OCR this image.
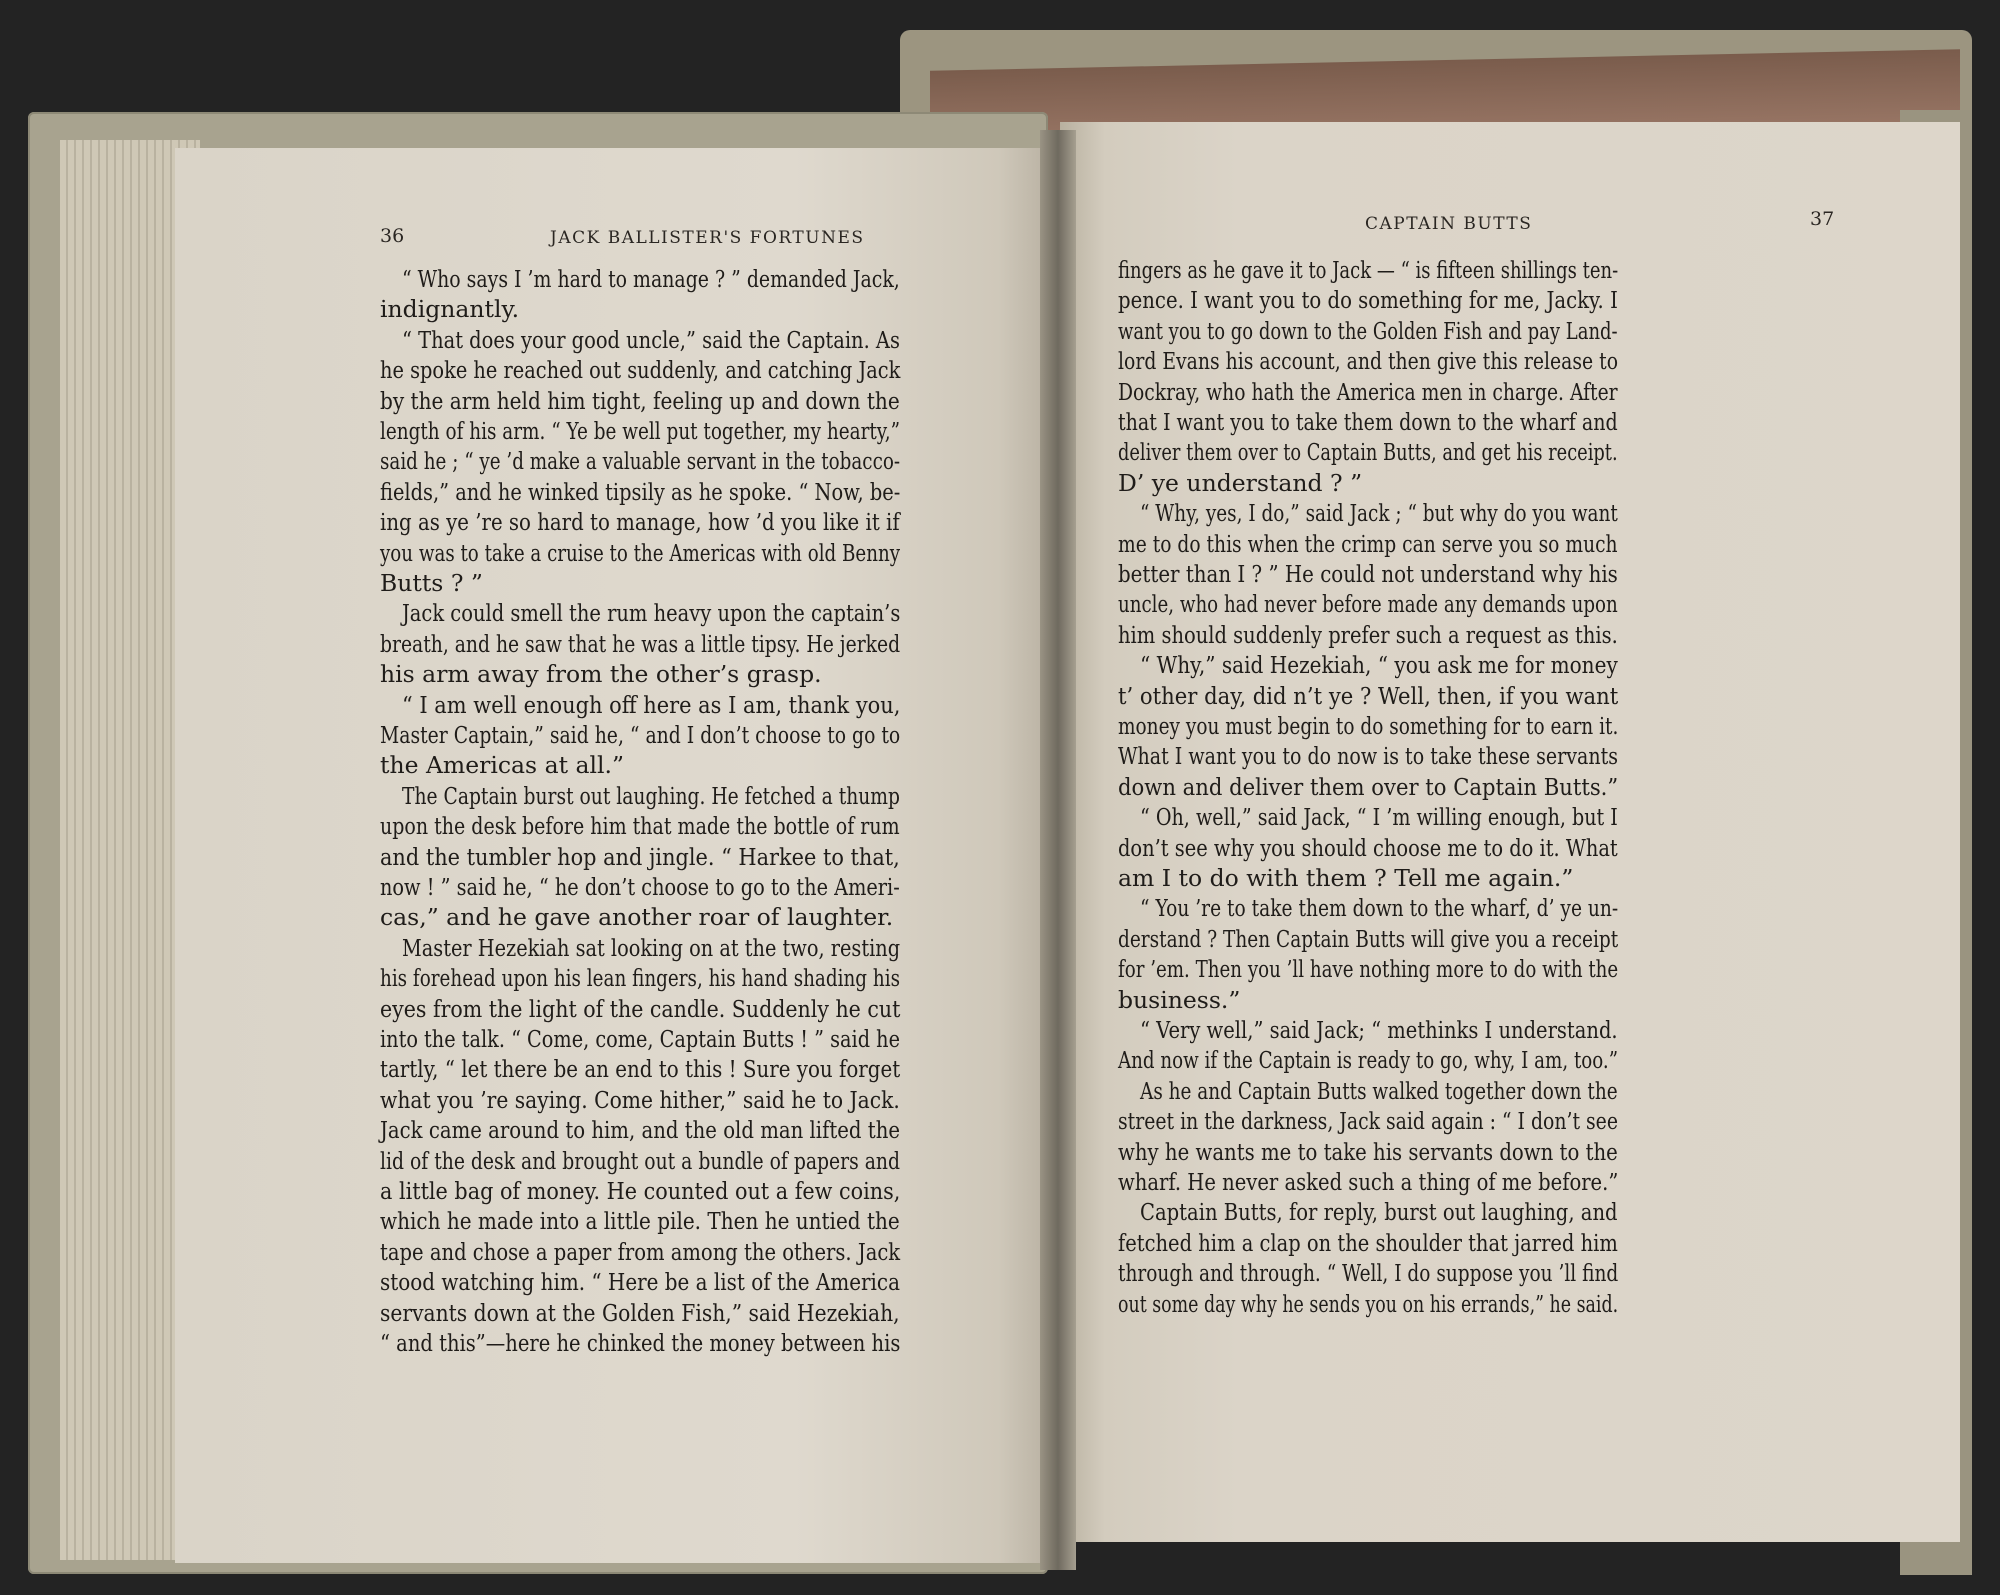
36	JACK BALLISTER'S FORTUNES
“ Who says I ’m hard to manage ? ” demanded Jack,
indignantly.
“ That does your good uncle,” said the Captain. As
he spoke he reached out suddenly, and catching Jack
by the arm held him tight, feeling up and down the
length of his arm. “ Ye be well put together, my hearty,”
said he ; “ ye ’d make a valuable servant in the tobacco-
fields,” and he winked tipsily as he spoke. “ Now, be-
ing as ye ’re so hard to manage, how ’d you like it if
you was to take a cruise to the Americas with old Benny
Butts ? ”
Jack could smell the rum heavy upon the captain’s
breath, and he saw that he was a little tipsy. He jerked
his arm away from the other’s grasp.
“ I am well enough off here as I am, thank you,
Master Captain,” said he, “ and I don’t choose to go to
the Americas at all.”
The Captain burst out laughing. He fetched a thump
upon the desk before him that made the bottle of rum
and the tumbler hop and jingle. “ Harkee to that,
now ! ” said he, “ he don’t choose to go to the Ameri-
cas,” and he gave another roar of laughter.
Master Hezekiah sat looking on at the two, resting
his forehead upon his lean fingers, his hand shading his
eyes from the light of the candle. Suddenly he cut
into the talk. “ Come, come, Captain Butts ! ” said he
tartly, “ let there be an end to this ! Sure you forget
what you ’re saying. Come hither,” said he to Jack.
Jack came around to him, and the old man lifted the
lid of the desk and brought out a bundle of papers and
a little bag of money. He counted out a few coins,
which he made into a little pile. Then he untied the
tape and chose a paper from among the others. Jack
stood watching him. “ Here be a list of the America
servants down at the Golden Fish,” said Hezekiah,
“ and this”—here he chinked the money between his
CAPTAIN BUTTS	37
fingers as he gave it to Jack — “ is fifteen shillings ten-
pence. I want you to do something for me, Jacky. I
want you to go down to the Golden Fish and pay Land-
lord Evans his account, and then give this release to
Dockray, who hath the America men in charge. After
that I want you to take them down to the wharf and
deliver them over to Captain Butts, and get his receipt.
D’ ye understand ? ”
“ Why, yes, I do,” said Jack ; “ but why do you want
me to do this when the crimp can serve you so much
better than I ? ” He could not understand why his
uncle, who had never before made any demands upon
him should suddenly prefer such a request as this.
“ Why,” said Hezekiah, “ you ask me for money
t’ other day, did n’t ye ? Well, then, if you want
money you must begin to do something for to earn it.
What I want you to do now is to take these servants
down and deliver them over to Captain Butts.”
“ Oh, well,” said Jack, “ I ’m willing enough, but I
don’t see why you should choose me to do it. What
am I to do with them ? Tell me again.”
“ You ’re to take them down to the wharf, d’ ye un-
derstand ? Then Captain Butts will give you a receipt
for ’em. Then you ’ll have nothing more to do with the
business.”
“ Very well,” said Jack; “ methinks I understand.
And now if the Captain is ready to go, why, I am, too.”
As he and Captain Butts walked together down the
street in the darkness, Jack said again : “ I don’t see
why he wants me to take his servants down to the
wharf. He never asked such a thing of me before.”
Captain Butts, for reply, burst out laughing, and
fetched him a clap on the shoulder that jarred him
through and through. “ Well, I do suppose you ’ll find
out some day why he sends you on his errands,” he said.
